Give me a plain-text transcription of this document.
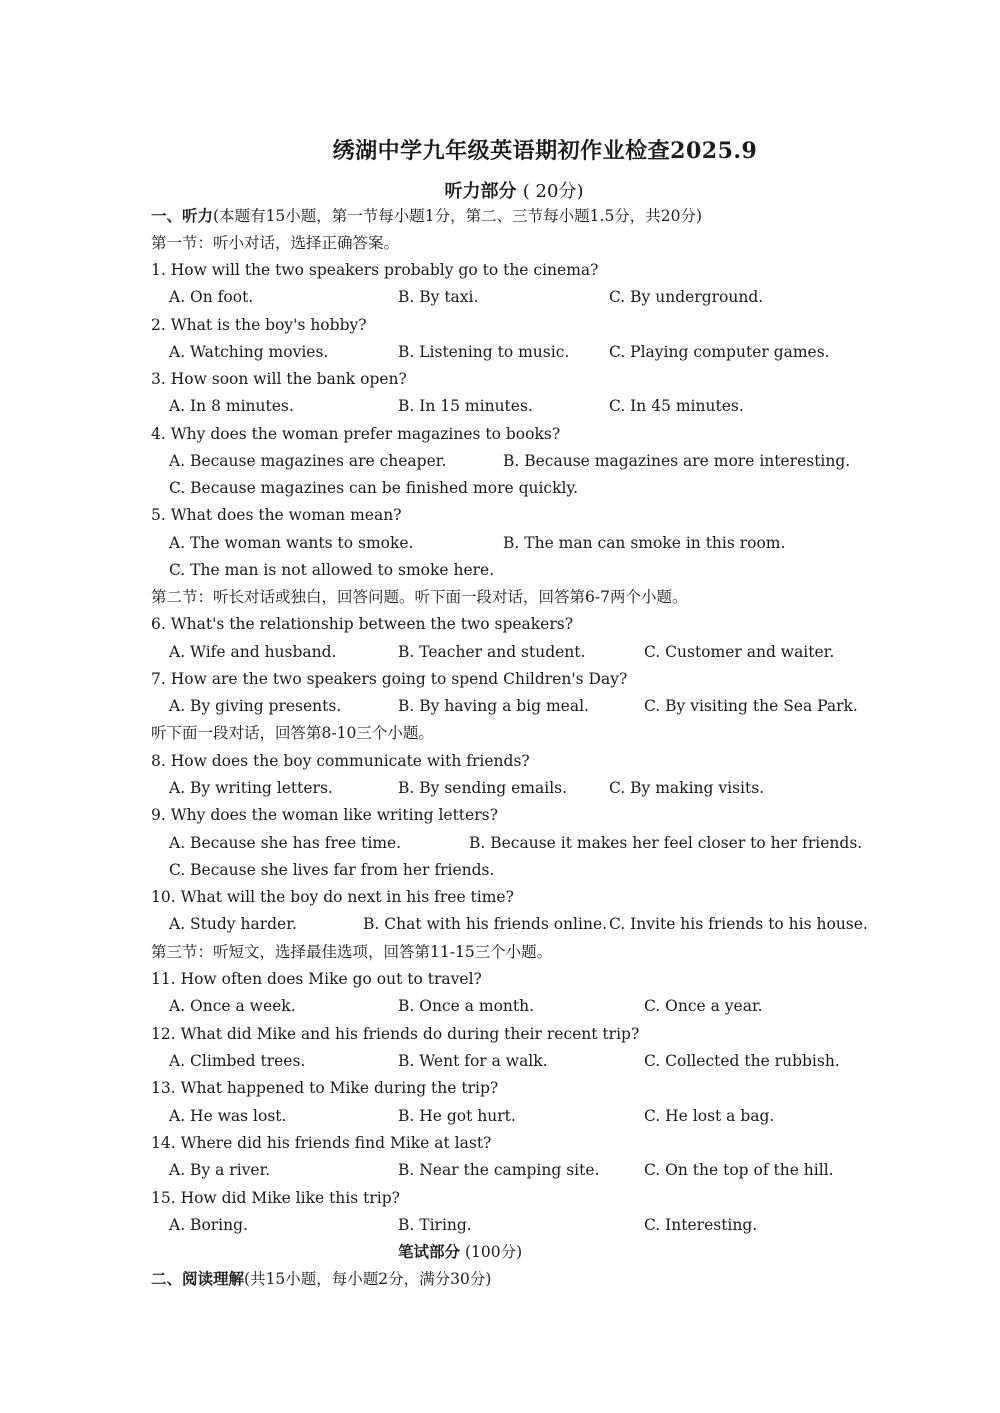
绣湖中学九年级英语期初作业检查2025.9
听力部分 ( 20分)
一、听力(本题有15小题，第一节每小题1分，第二、三节每小题1.5分，共20分)
第一节：听小对话，选择正确答案。
1. How will the two speakers probably go to the cinema?
A. On foot.	B. By taxi.	C. By underground.
2. What is the boy's hobby?
A. Watching movies.	B. Listening to music.	C. Playing computer games.
3. How soon will the bank open?
A. In 8 minutes.	B. In 15 minutes.	C. In 45 minutes.
4. Why does the woman prefer magazines to books?
A. Because magazines are cheaper.	B. Because magazines are more interesting.
C. Because magazines can be finished more quickly.
5. What does the woman mean?
A. The woman wants to smoke.	B. The man can smoke in this room.
C. The man is not allowed to smoke here.
第二节：听长对话或独白，回答问题。听下面一段对话，回答第6-7两个小题。
6. What's the relationship between the two speakers?
A. Wife and husband.	B. Teacher and student.	C. Customer and waiter.
7. How are the two speakers going to spend Children's Day?
A. By giving presents.	B. By having a big meal.	C. By visiting the Sea Park.
听下面一段对话，回答第8-10三个小题。
8. How does the boy communicate with friends?
A. By writing letters.	B. By sending emails.	C. By making visits.
9. Why does the woman like writing letters?
A. Because she has free time.	B. Because it makes her feel closer to her friends.
C. Because she lives far from her friends.
10. What will the boy do next in his free time?
A. Study harder.	B. Chat with his friends online. C. Invite his friends to his house.
第三节：听短文，选择最佳选项，回答第11-15三个小题。
11. How often does Mike go out to travel?
A. Once a week.	B. Once a month.	C. Once a year.
12. What did Mike and his friends do during their recent trip?
A. Climbed trees.	B. Went for a walk.	C. Collected the rubbish.
13. What happened to Mike during the trip?
A. He was lost.	B. He got hurt.	C. He lost a bag.
14. Where did his friends find Mike at last?
A. By a river.	B. Near the camping site.	C. On the top of the hill.
15. How did Mike like this trip?
A. Boring.	B. Tiring.	C. Interesting.
笔试部分 (100分)
二、阅读理解(共15小题，每小题2分，满分30分)
